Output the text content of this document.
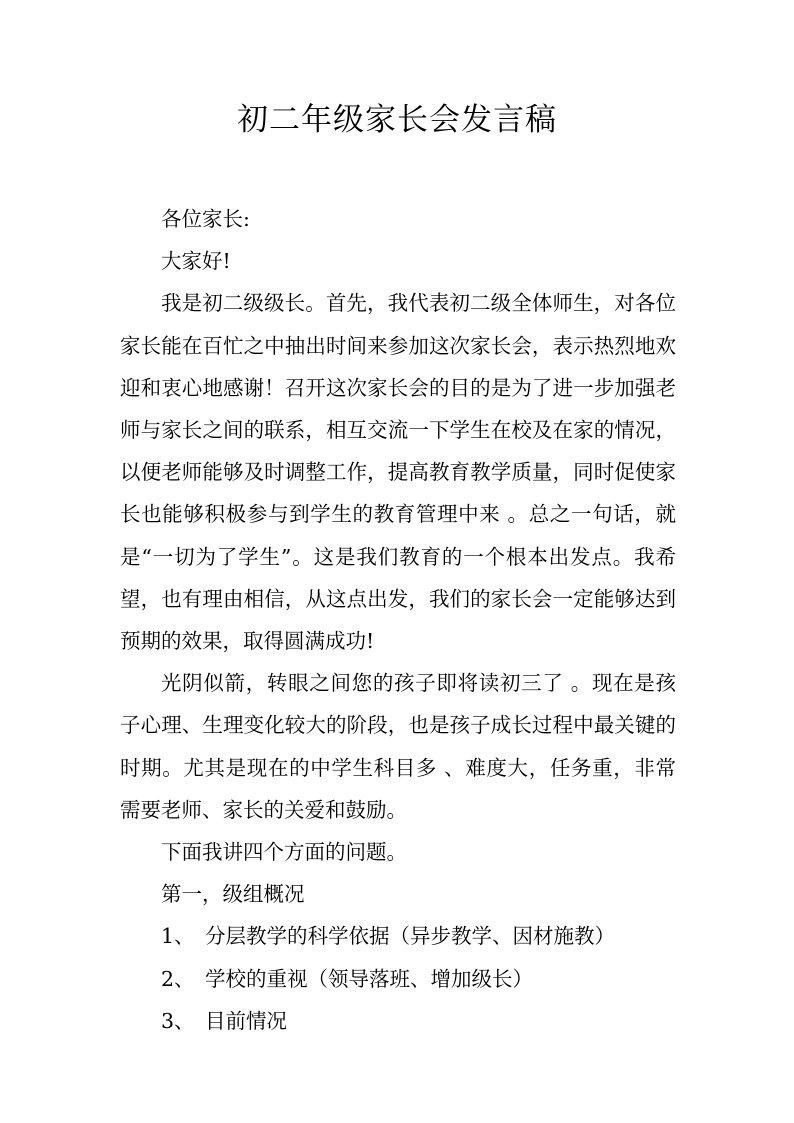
初二年级家长会发言稿

各位家长:

大家好!

我是初二级级长。首先，我代表初二级全体师生，对各位家长能在百忙之中抽出时间来参加这次家长会，表示热烈地欢迎和衷心地感谢！召开这次家长会的目的是为了进一步加强老师与家长之间的联系，相互交流一下学生在校及在家的情况，以便老师能够及时调整工作，提高教育教学质量，同时促使家长也能够积极参与到学生的教育管理中来 。总之一句话，就是“一切为了学生”。这是我们教育的一个根本出发点。我希望，也有理由相信，从这点出发，我们的家长会一定能够达到预期的效果，取得圆满成功!

光阴似箭，转眼之间您的孩子即将读初三了 。现在是孩子心理、生理变化较大的阶段，也是孩子成长过程中最关键的时期。尤其是现在的中学生科目多 、难度大，任务重，非常需要老师、家长的关爱和鼓励。

下面我讲四个方面的问题。

第一，级组概况

1、 分层教学的科学依据（异步教学、因材施教）

2、 学校的重视（领导落班、增加级长）

3、 目前情况
